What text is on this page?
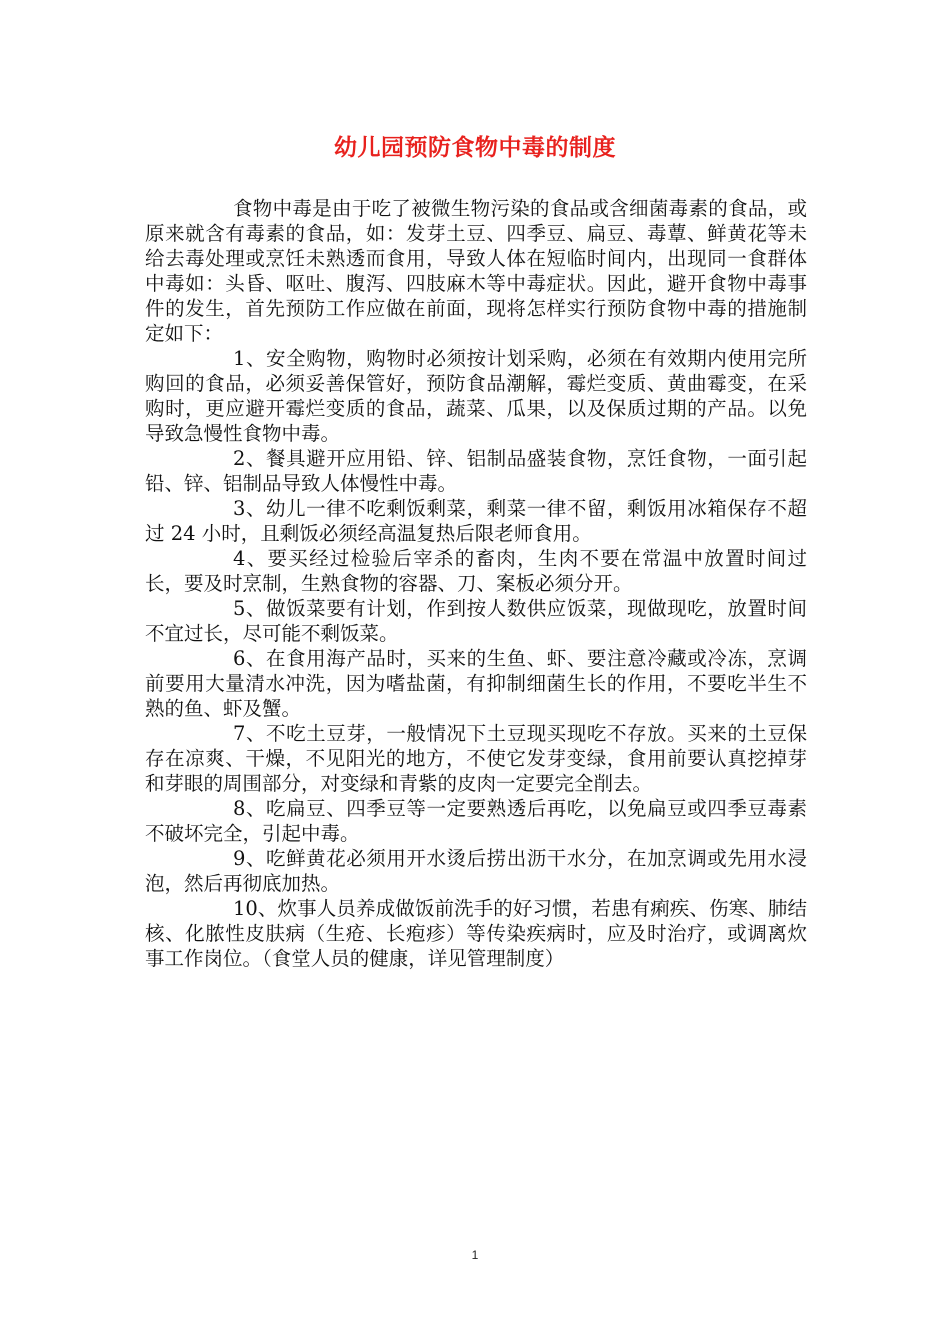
幼儿园预防食物中毒的制度

食物中毒是由于吃了被微生物污染的食品或含细菌毒素的食品，或原来就含有毒素的食品，如：发芽土豆、四季豆、扁豆、毒蕈、鲜黄花等未给去毒处理或烹饪未熟透而食用，导致人体在短临时间内，出现同一食群体中毒如：头昏、呕吐、腹泻、四肢麻木等中毒症状。因此，避开食物中毒事件的发生，首先预防工作应做在前面，现将怎样实行预防食物中毒的措施制定如下：

1、安全购物，购物时必须按计划采购，必须在有效期内使用完所购回的食品，必须妥善保管好，预防食品潮解，霉烂变质、黄曲霉变，在采购时，更应避开霉烂变质的食品，蔬菜、瓜果，以及保质过期的产品。以免导致急慢性食物中毒。

2、餐具避开应用铅、锌、铝制品盛装食物，烹饪食物，一面引起铅、锌、铝制品导致人体慢性中毒。

3、幼儿一律不吃剩饭剩菜，剩菜一律不留，剩饭用冰箱保存不超过 24 小时，且剩饭必须经高温复热后限老师食用。

4、要买经过检验后宰杀的畜肉，生肉不要在常温中放置时间过长，要及时烹制，生熟食物的容器、刀、案板必须分开。

5、做饭菜要有计划，作到按人数供应饭菜，现做现吃，放置时间不宜过长，尽可能不剩饭菜。

6、在食用海产品时，买来的生鱼、虾、要注意冷藏或冷冻，烹调前要用大量清水冲洗，因为嗜盐菌，有抑制细菌生长的作用，不要吃半生不熟的鱼、虾及蟹。

7、不吃土豆芽，一般情况下土豆现买现吃不存放。买来的土豆保存在凉爽、干燥，不见阳光的地方，不使它发芽变绿，食用前要认真挖掉芽和芽眼的周围部分，对变绿和青紫的皮肉一定要完全削去。

8、吃扁豆、四季豆等一定要熟透后再吃，以免扁豆或四季豆毒素不破坏完全，引起中毒。

9、吃鲜黄花必须用开水烫后捞出沥干水分，在加烹调或先用水浸泡，然后再彻底加热。

10、炊事人员养成做饭前洗手的好习惯，若患有痢疾、伤寒、肺结核、化脓性皮肤病（生疮、长疱疹）等传染疾病时，应及时治疗，或调离炊事工作岗位。（食堂人员的健康，详见管理制度）

1
